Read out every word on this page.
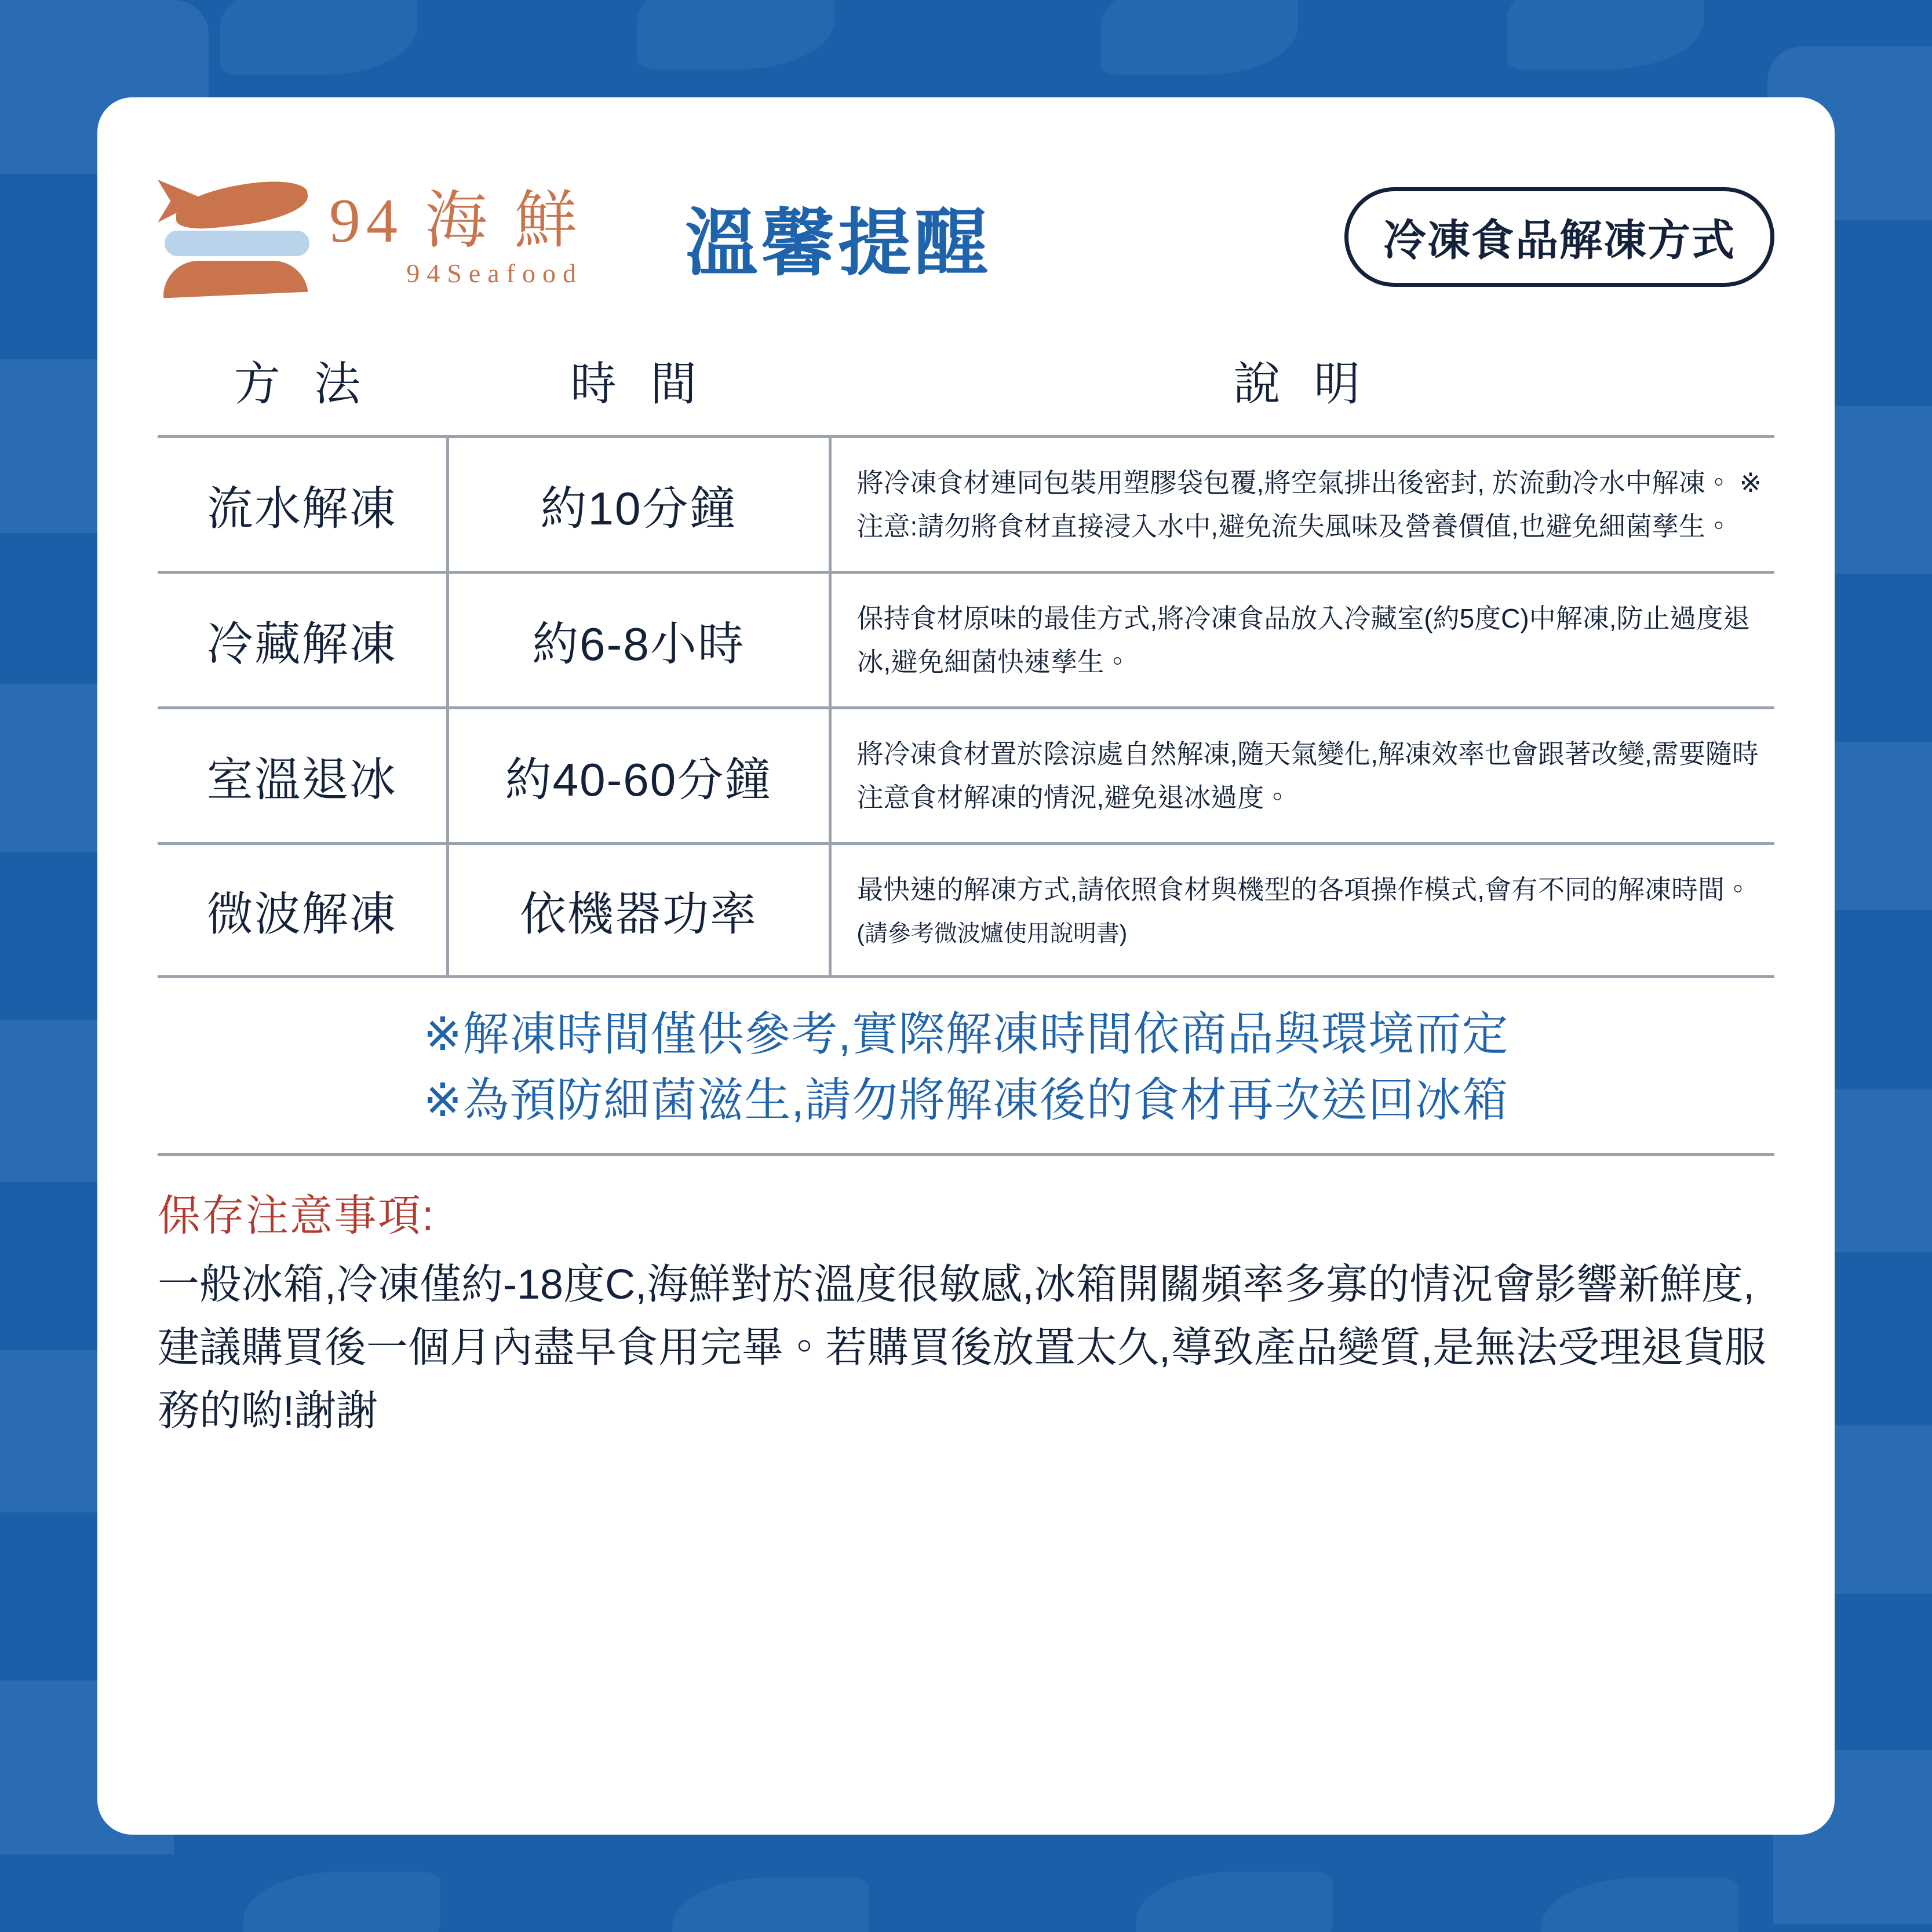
94 海 鮮
94Seafood 溫馨提醒	冷凍食品解凍方式
方 法	時 間	說 明
流水解凍	約10分鐘	將冷凍食材連同包裝用塑膠袋包覆,將空氣排出後密封, 於流動冷水中解凍。 ※注意:請勿將食材直接浸入水中,避免流失風味及營養價值,也避免細菌孳生。
冷藏解凍	約6-8小時	保持食材原味的最佳方式,將冷凍食品放入冷藏室(約5度C)中解凍,防止過度退冰,避免細菌快速孳生。
室溫退冰	約40-60分鐘	將冷凍食材置於陰涼處自然解凍,隨天氣變化,解凍效率也會跟著改變,需要隨時注意食材解凍的情況,避免退冰過度。
微波解凍	依機器功率	最快速的解凍方式,請依照食材與機型的各項操作模式,會有不同的解凍時間。
(請參考微波爐使用說明書)
※解凍時間僅供參考,實際解凍時間依商品與環境而定
※為預防細菌滋生,請勿將解凍後的食材再次送回冰箱
保存注意事項:
一般冰箱,冷凍僅約-18度C,海鮮對於溫度很敏感,冰箱開關頻率多寡的情況會影響新鮮度,建議購買後一個月內盡早食用完畢。若購買後放置太久,導致產品變質,是無法受理退貨服務的喲!謝謝
